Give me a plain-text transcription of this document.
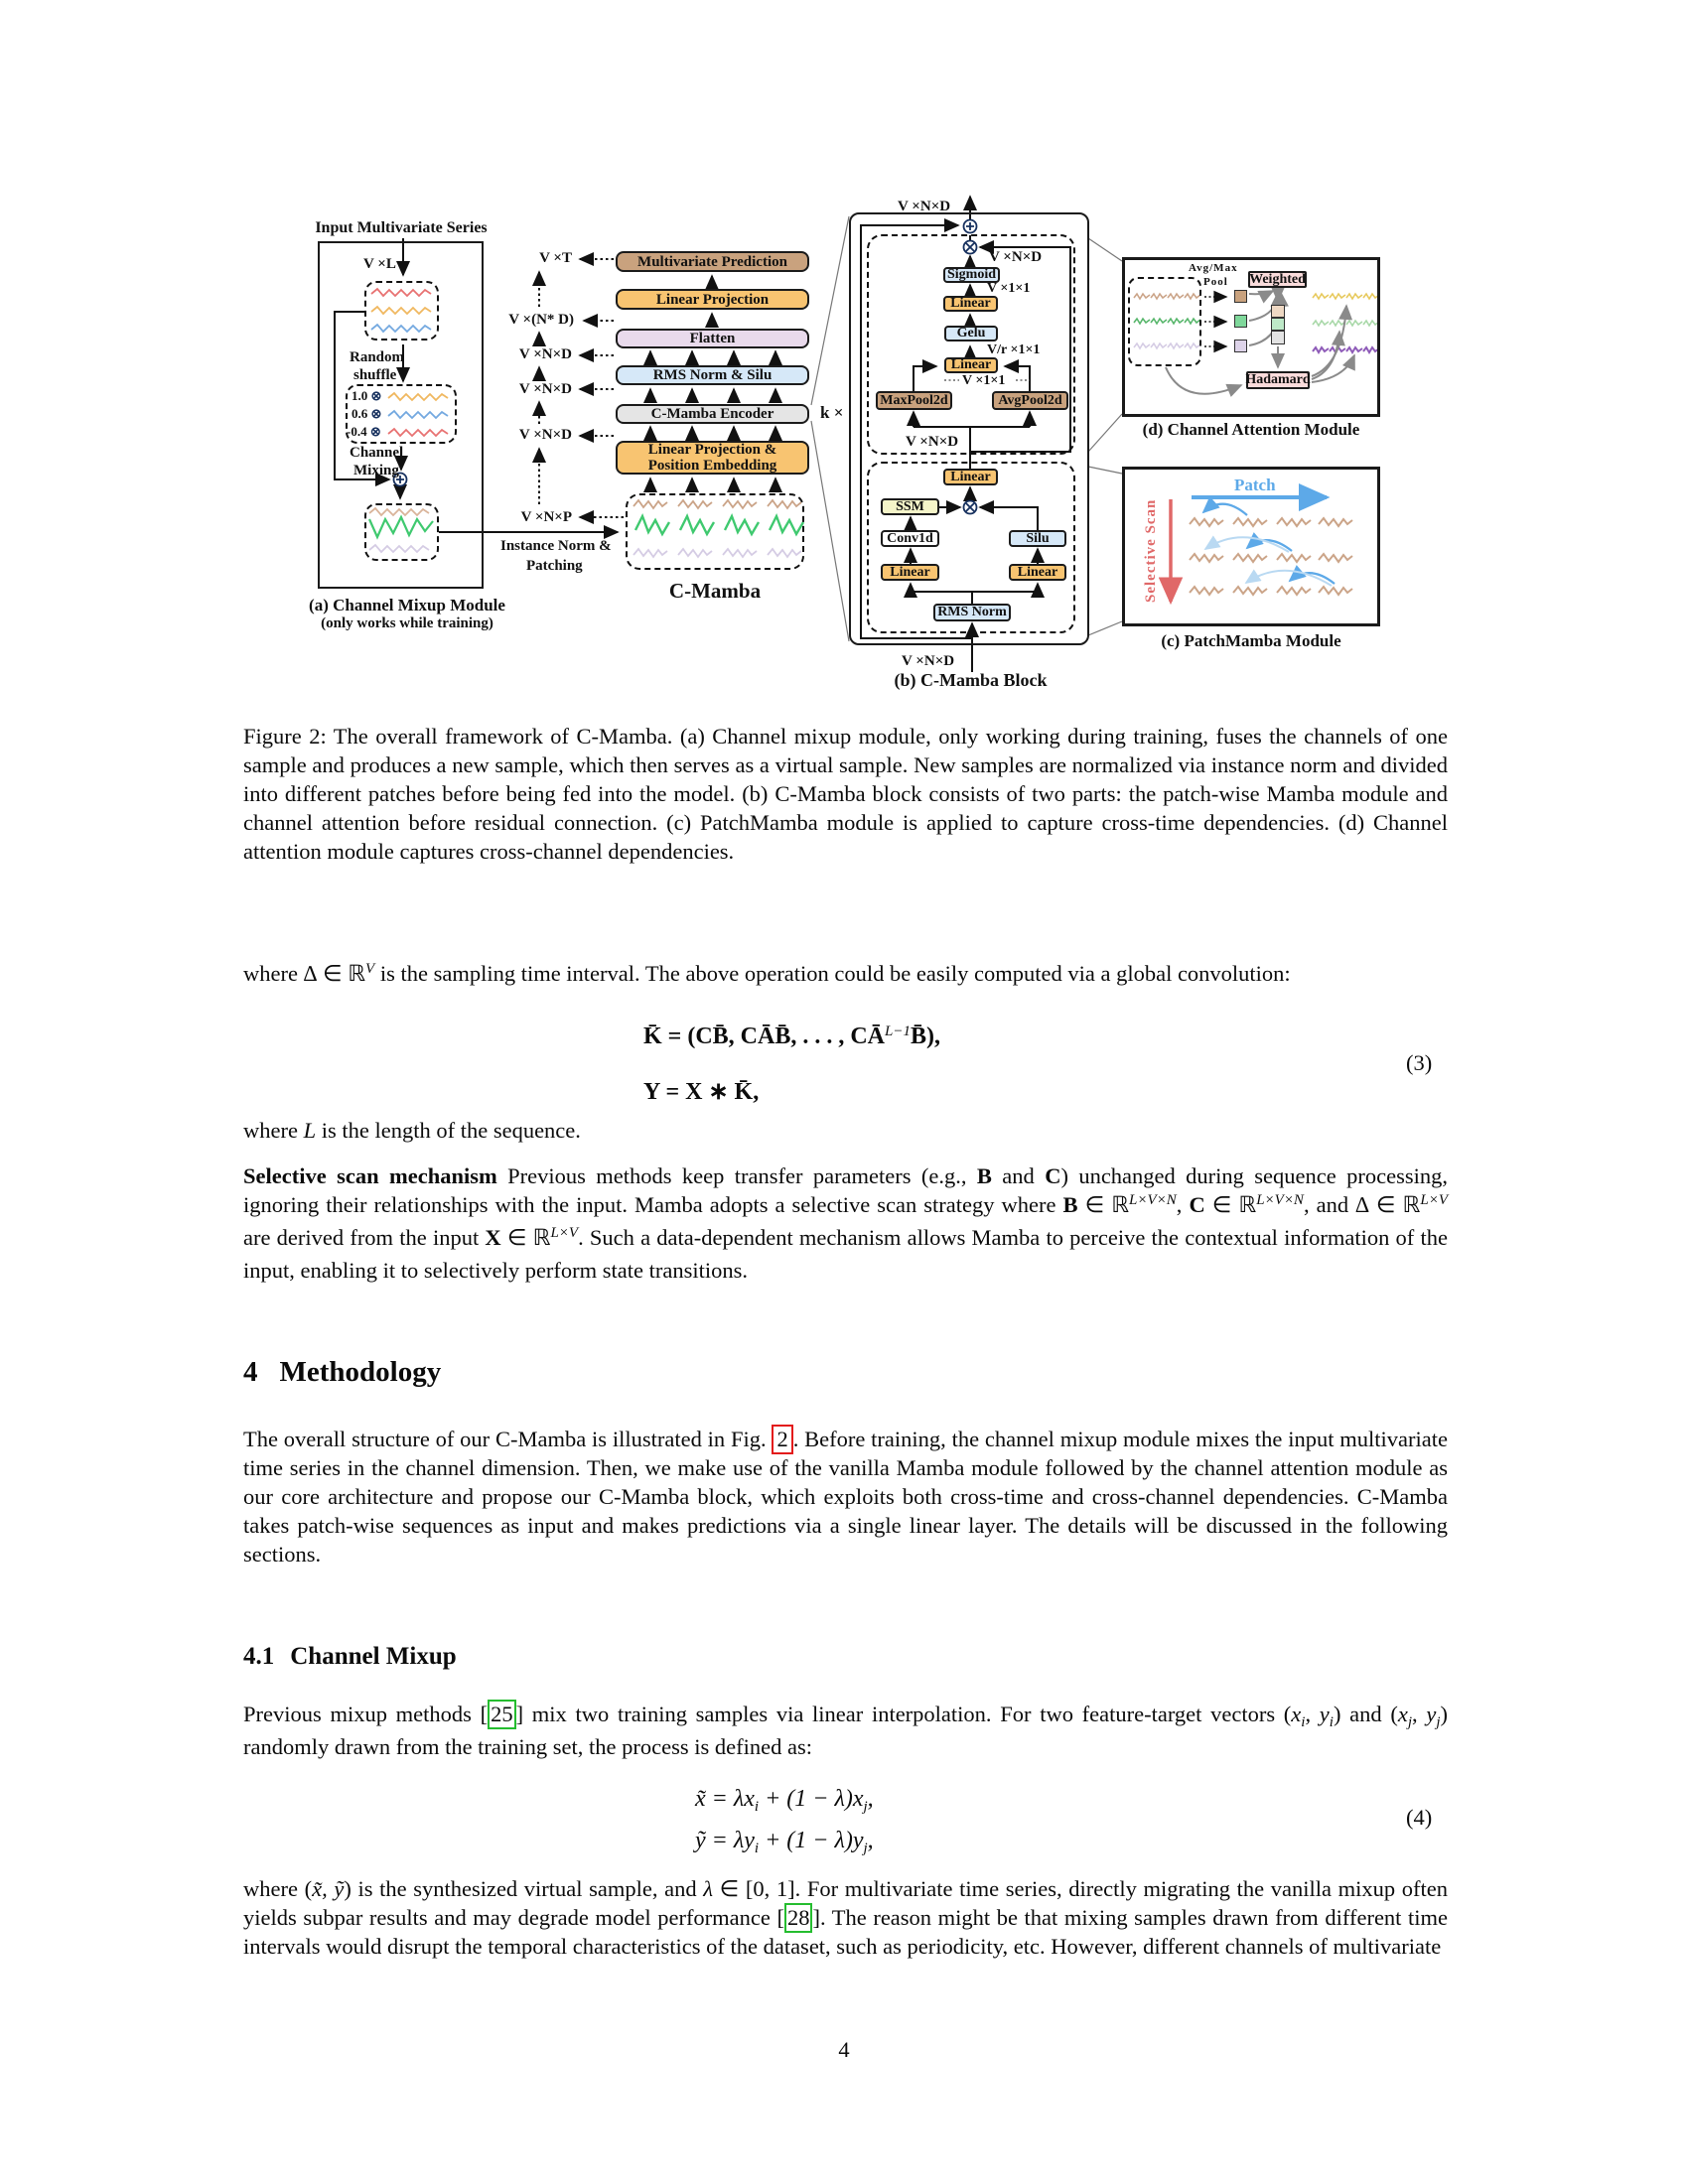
Input Multivariate Series
V ×L
Random
shuffle
1.0 ⊗
0.6 ⊗
-0.4 ⊗
Channel
Mixing
(a) Channel Mixup Module
(only works while training)
Instance Norm &
Patching
V ×T
V ×(N* D)
V ×N×D
V ×N×D
V ×N×D
V ×N×P
Multivariate Prediction
Linear Projection
Flatten
RMS Norm & Silu
C-Mamba Encoder
Linear Projection & Position Embedding
k ×
C-Mamba
V ×N×D
V ×N×D
Sigmoid
V ×1×1
Linear
Gelu
V/r ×1×1
Linear
V ×1×1
MaxPool2d	AvgPool2d
V ×N×D
Linear
SSM
Conv1d	Silu
Linear	Linear
RMS Norm
V ×N×D
(b) C-Mamba Block
Avg/Max
Pool Weighted
Hadamard
(d) Channel Attention Module
Patch
Selective Scan
(c) PatchMamba Module
Figure 2: The overall framework of C-Mamba. (a) Channel mixup module, only working during training, fuses the channels of one sample and produces a new sample, which then serves as a virtual sample. New samples are normalized via instance norm and divided into different patches before being fed into the model. (b) C-Mamba block consists of two parts: the patch-wise Mamba module and channel attention before residual connection. (c) PatchMamba module is applied to capture cross-time dependencies. (d) Channel attention module captures cross-channel dependencies.
where ∆ ∈ ℝ$^V$ is the sampling time interval. The above operation could be easily computed via a global convolution:
K̄ = (CB̄, CĀB̄, . . . , $CĀ^{L-1}B̄$),
Y = X ∗ K̄,
(3)
where L is the length of the sequence.
Selective scan mechanism Previous methods keep transfer parameters (e.g., B and C) unchanged during sequence processing, ignoring their relationships with the input. Mamba adopts a selective scan strategy where B ∈ ℝ$^{L\times V\times N}$, C ∈ ℝ$^{L\times V\times N}$, and ∆ ∈ ℝ$^{L\times V}$ are derived from the input X ∈ ℝ$^{L\times V}$. Such a data-dependent mechanism allows Mamba to perceive the contextual information of the input, enabling it to selectively perform state transitions.
4 Methodology
The overall structure of our C-Mamba is illustrated in Fig. 2 . Before training, the channel mixup module mixes the input multivariate time series in the channel dimension. Then, we make use of the vanilla Mamba module followed by the channel attention module as our core architecture and propose our C-Mamba block, which exploits both cross-time and cross-channel dependencies. C-Mamba takes patch-wise sequences as input and makes predictions via a single linear layer. The details will be discussed in the following sections.
4.1 Channel Mixup
Previous mixup methods [ 25 ] mix two training samples via linear interpolation. For two feature-target vectors ($x_i$, $y_i$) and ($x_j$, $y_j$) randomly drawn from the training set, the process is defined as:
x̃ = $\lambda x_i + (1 - \lambda)x_j$,
ỹ = $\lambda y_i + (1 - \lambda)y_j$,
(4)
where (x̃, ỹ) is the synthesized virtual sample, and λ ∈ [0, 1]. For multivariate time series, directly migrating the vanilla mixup often yields subpar results and may degrade model performance [ 28 ]. The reason might be that mixing samples drawn from different time intervals would disrupt the temporal characteristics of the dataset, such as periodicity, etc. However, different channels of multivariate
4
